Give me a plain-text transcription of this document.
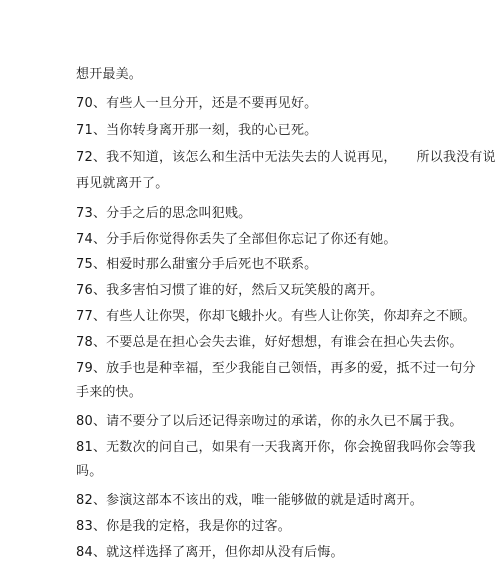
想开最美。
70、有些人一旦分开，还是不要再见好。
71、当你转身离开那一刻，我的心已死。
72、我不知道，该怎么和生活中无法失去的人说再见， 所以我没有说
再见就离开了。
73、分手之后的思念叫犯贱。
74、分手后你觉得你丢失了全部但你忘记了你还有她。
75、相爱时那么甜蜜分手后死也不联系。
76、我多害怕习惯了谁的好，然后又玩笑般的离开。
77、有些人让你哭，你却飞蛾扑火。有些人让你笑，你却弃之不顾。
78、不要总是在担心会失去谁，好好想想，有谁会在担心失去你。
79、放手也是种幸福，至少我能自己领悟，再多的爱，抵不过一句分
手来的快。
80、请不要分了以后还记得亲吻过的承诺，你的永久已不属于我。
81、无数次的问自己，如果有一天我离开你，你会挽留我吗你会等我
吗。
82、参演这部本不该出的戏，唯一能够做的就是适时离开。
83、你是我的定格，我是你的过客。
84、就这样选择了离开，但你却从没有后悔。
